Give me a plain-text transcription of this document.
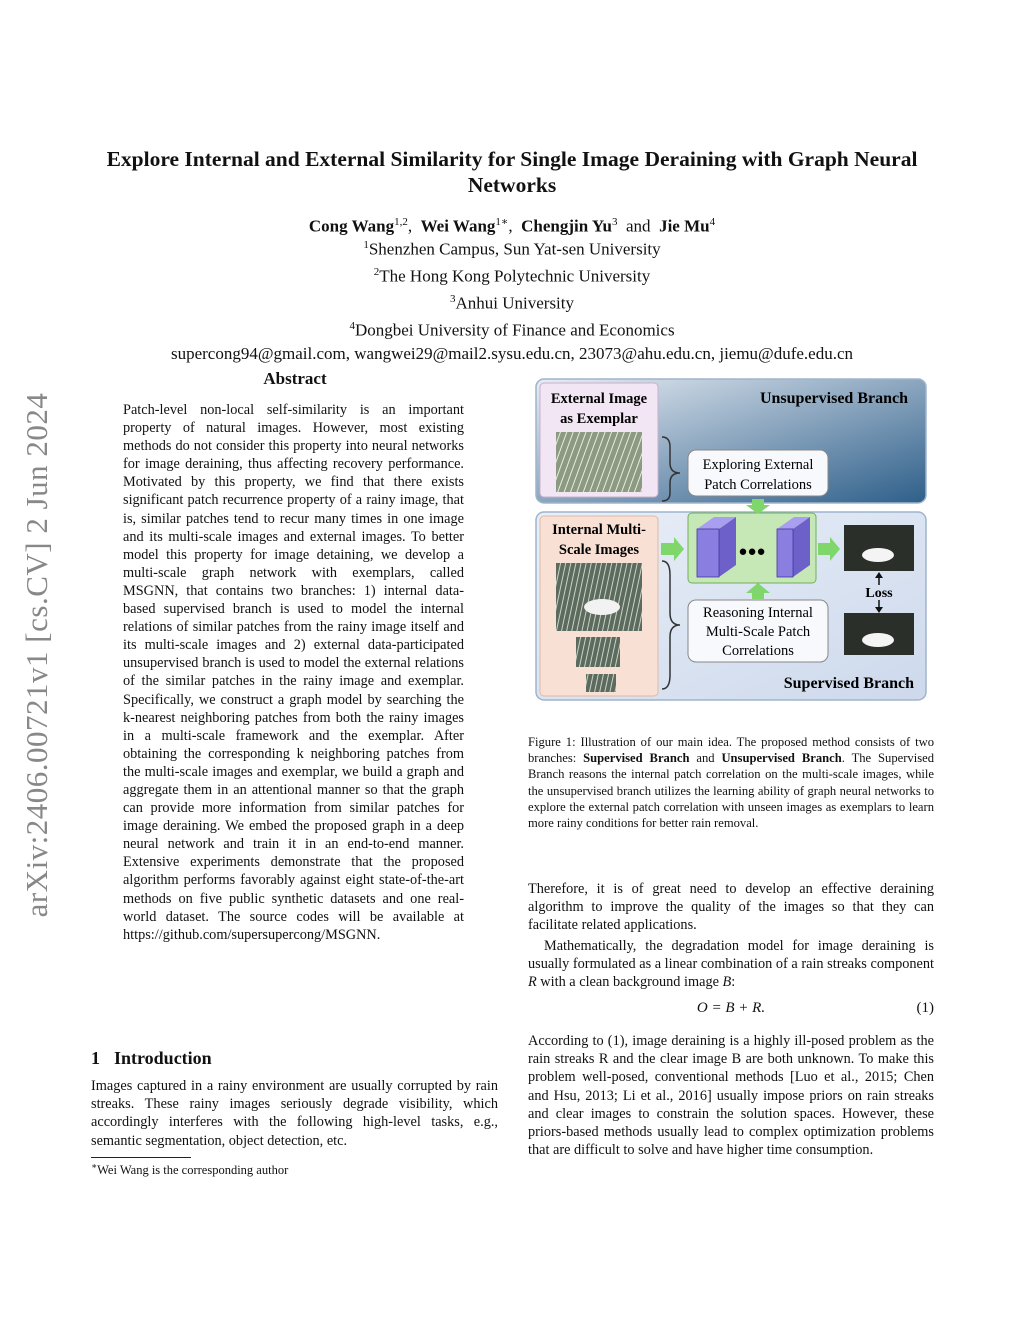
arXiv:2406.00721v1 [cs.CV] 2 Jun 2024
Explore Internal and External Similarity for Single Image Deraining with Graph Neural Networks
Cong Wang$^{1,2}$,  Wei Wang$^{1∗}$,  Chengjin Yu$^3$ and Jie Mu$^4$
$^1$Shenzhen Campus, Sun Yat-sen University
$^2$The Hong Kong Polytechnic University
$^3$Anhui University
$^4$Dongbei University of Finance and Economics
supercong94@gmail.com, wangwei29@mail2.sysu.edu.cn, 23073@ahu.edu.cn, jiemu@dufe.edu.cn
Abstract
Patch-level non-local self-similarity is an important property of natural images. However, most existing methods do not consider this property into neural networks for image deraining, thus affecting recovery performance. Motivated by this property, we find that there exists significant patch recurrence property of a rainy image, that is, similar patches tend to recur many times in one image and its multi-scale images and external images. To better model this property for image detaining, we develop a multi-scale graph network with exemplars, called MSGNN, that contains two branches: 1) internal data-based supervised branch is used to model the internal relations of similar patches from the rainy image itself and its multi-scale images and 2) external data-participated unsupervised branch is used to model the external relations of the similar patches in the rainy image and exemplar. Specifically, we construct a graph model by searching the k-nearest neighboring patches from both the rainy images in a multi-scale framework and the exemplar. After obtaining the corresponding k neighboring patches from the multi-scale images and exemplar, we build a graph and aggregate them in an attentional manner so that the graph can provide more information from similar patches for image deraining. We embed the proposed graph in a deep neural network and train it in an end-to-end manner. Extensive experiments demonstrate that the proposed algorithm performs favorably against eight state-of-the-art methods on five public synthetic datasets and one real-world dataset. The source codes will be available at https://github.com/supersupercong/MSGNN.
1 Introduction
Images captured in a rainy environment are usually corrupted by rain streaks. These rainy images seriously degrade visibility, which accordingly interferes with the following high-level tasks, e.g., semantic segmentation, object detection, etc.
∗Wei Wang is the corresponding author
External Image
as Exemplar
Unsupervised Branch
Exploring External
Patch Correlations
Internal Multi-
Scale Images	●●●
Loss
Reasoning Internal
Multi-Scale Patch
Correlations
Supervised Branch
Figure 1: Illustration of our main idea. The proposed method consists of two branches: Supervised Branch and Unsupervised Branch. The Supervised Branch reasons the internal patch correlation on the multi-scale images, while the unsupervised branch utilizes the learning ability of graph neural networks to explore the external patch correlation with unseen images as exemplars to learn more rainy conditions for better rain removal.
Therefore, it is of great need to develop an effective deraining algorithm to improve the quality of the images so that they can facilitate related applications.
Mathematically, the degradation model for image deraining is usually formulated as a linear combination of a rain streaks component R with a clean background image B:
O = B + R.	(1)
According to (1), image deraining is a highly ill-posed problem as the rain streaks R and the clear image B are both unknown. To make this problem well-posed, conventional methods [Luo et al., 2015; Chen and Hsu, 2013; Li et al., 2016] usually impose priors on rain streaks and clear images to constrain the solution spaces. However, these priors-based methods usually lead to complex optimization problems that are difficult to solve and have higher time consumption.
